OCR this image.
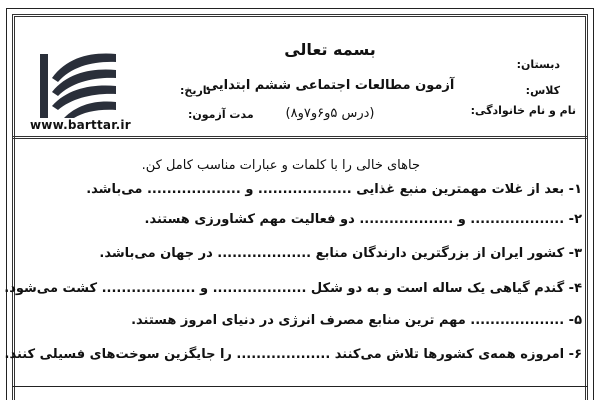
www.barttar.ir
بسمه تعالی
آزمون مطالعات اجتماعی ششم ابتدایی
(درس ۵و۶و۷و۸)
دبستان:
کلاس:
نام و نام خانوادگی:
تاریخ:
مدت آزمون:
جاهای خالی را با کلمات و عبارات مناسب کامل کن.
۱- بعد از غلات مهمترین منبع غذایی ................... و ................... می‌باشد.
۲- ................... و ................... دو فعالیت مهم کشاورزی هستند.
۳- کشور ایران از بزرگترین دارندگان منابع ................... در جهان می‌باشد.
۴- گندم گیاهی یک ساله است و به دو شکل ................... و ................... کشت می‌شود.
۵- ................... مهم ترین منابع مصرف انرژی در دنیای امروز هستند.
۶- امروزه همه‌ی کشورها تلاش می‌کنند ................... را جایگزین سوخت‌های فسیلی کنند.
